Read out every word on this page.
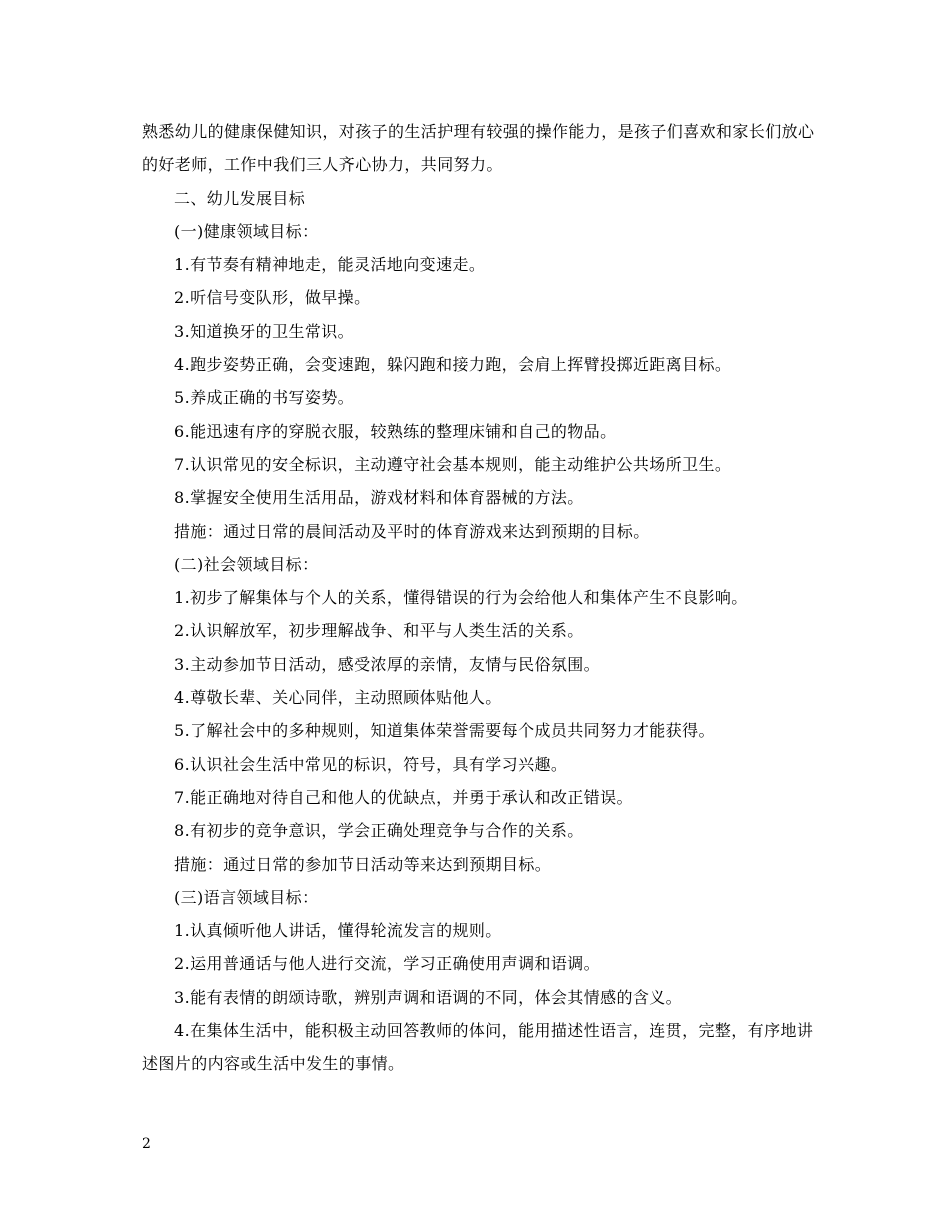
熟悉幼儿的健康保健知识，对孩子的生活护理有较强的操作能力，是孩子们喜欢和家长们放心的好老师，工作中我们三人齐心协力，共同努力。

二、幼儿发展目标

(一)健康领域目标：

1.有节奏有精神地走，能灵活地向变速走。

2.听信号变队形，做早操。

3.知道换牙的卫生常识。

4.跑步姿势正确，会变速跑，躲闪跑和接力跑，会肩上挥臂投掷近距离目标。

5.养成正确的书写姿势。

6.能迅速有序的穿脱衣服，较熟练的整理床铺和自己的物品。

7.认识常见的安全标识，主动遵守社会基本规则，能主动维护公共场所卫生。

8.掌握安全使用生活用品，游戏材料和体育器械的方法。

措施：通过日常的晨间活动及平时的体育游戏来达到预期的目标。

(二)社会领域目标：

1.初步了解集体与个人的关系，懂得错误的行为会给他人和集体产生不良影响。

2.认识解放军，初步理解战争、和平与人类生活的关系。

3.主动参加节日活动，感受浓厚的亲情，友情与民俗氛围。

4.尊敬长辈、关心同伴，主动照顾体贴他人。

5.了解社会中的多种规则，知道集体荣誉需要每个成员共同努力才能获得。

6.认识社会生活中常见的标识，符号，具有学习兴趣。

7.能正确地对待自己和他人的优缺点，并勇于承认和改正错误。

8.有初步的竞争意识，学会正确处理竞争与合作的关系。

措施：通过日常的参加节日活动等来达到预期目标。

(三)语言领域目标：

1.认真倾听他人讲话，懂得轮流发言的规则。

2.运用普通话与他人进行交流，学习正确使用声调和语调。

3.能有表情的朗颂诗歌，辨别声调和语调的不同，体会其情感的含义。

4.在集体生活中，能积极主动回答教师的体问，能用描述性语言，连贯，完整，有序地讲述图片的内容或生活中发生的事情。

2
